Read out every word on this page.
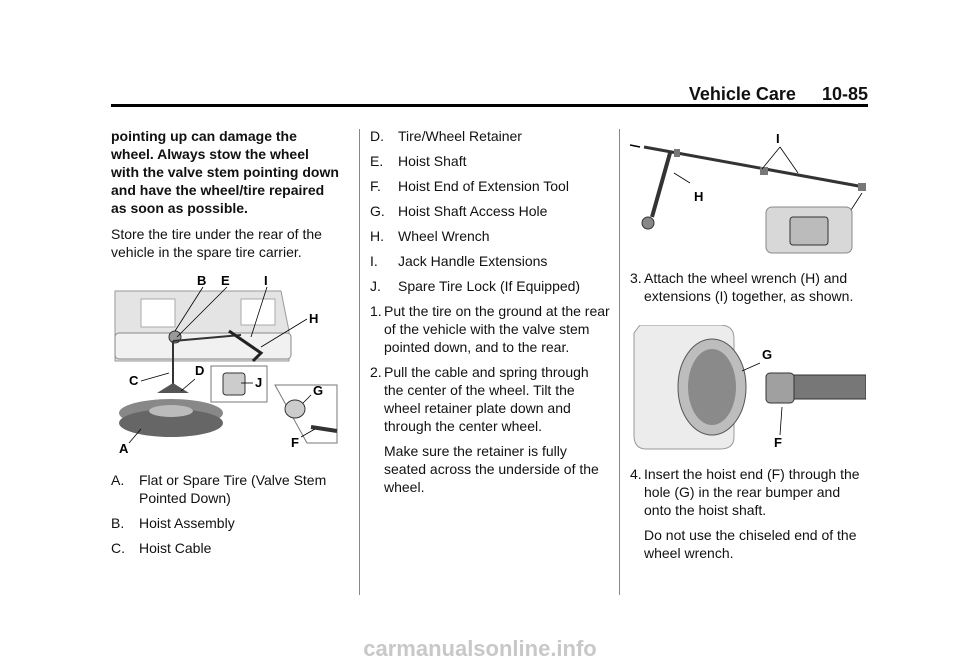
Vehicle Care 10-85

pointing up can damage the wheel. Always stow the wheel with the valve stem pointing down and have the wheel/tire repaired as soon as possible.

Store the tire under the rear of the vehicle in the spare tire carrier.

B E	I
H
C
D
J
G
A	F
A. Flat or Spare Tire (Valve Stem Pointed Down)
B. Hoist Assembly
C. Hoist Cable
D. Tire/Wheel Retainer
E. Hoist Shaft
F. Hoist End of Extension Tool
G. Hoist Shaft Access Hole
H. Wheel Wrench
I. Jack Handle Extensions
J. Spare Tire Lock (If Equipped)
1. Put the tire on the ground at the rear of the vehicle with the valve stem pointed down, and to the rear.
2. Pull the cable and spring through the center of the wheel. Tilt the wheel retainer plate down and through the center wheel.

Make sure the retainer is fully seated across the underside of the wheel.

I
H
3. Attach the wheel wrench (H) and extensions (I) together, as shown.
G
F
4. Insert the hoist end (F) through the hole (G) in the rear bumper and onto the hoist shaft.

Do not use the chiseled end of the wheel wrench.

carmanualsonline.info
